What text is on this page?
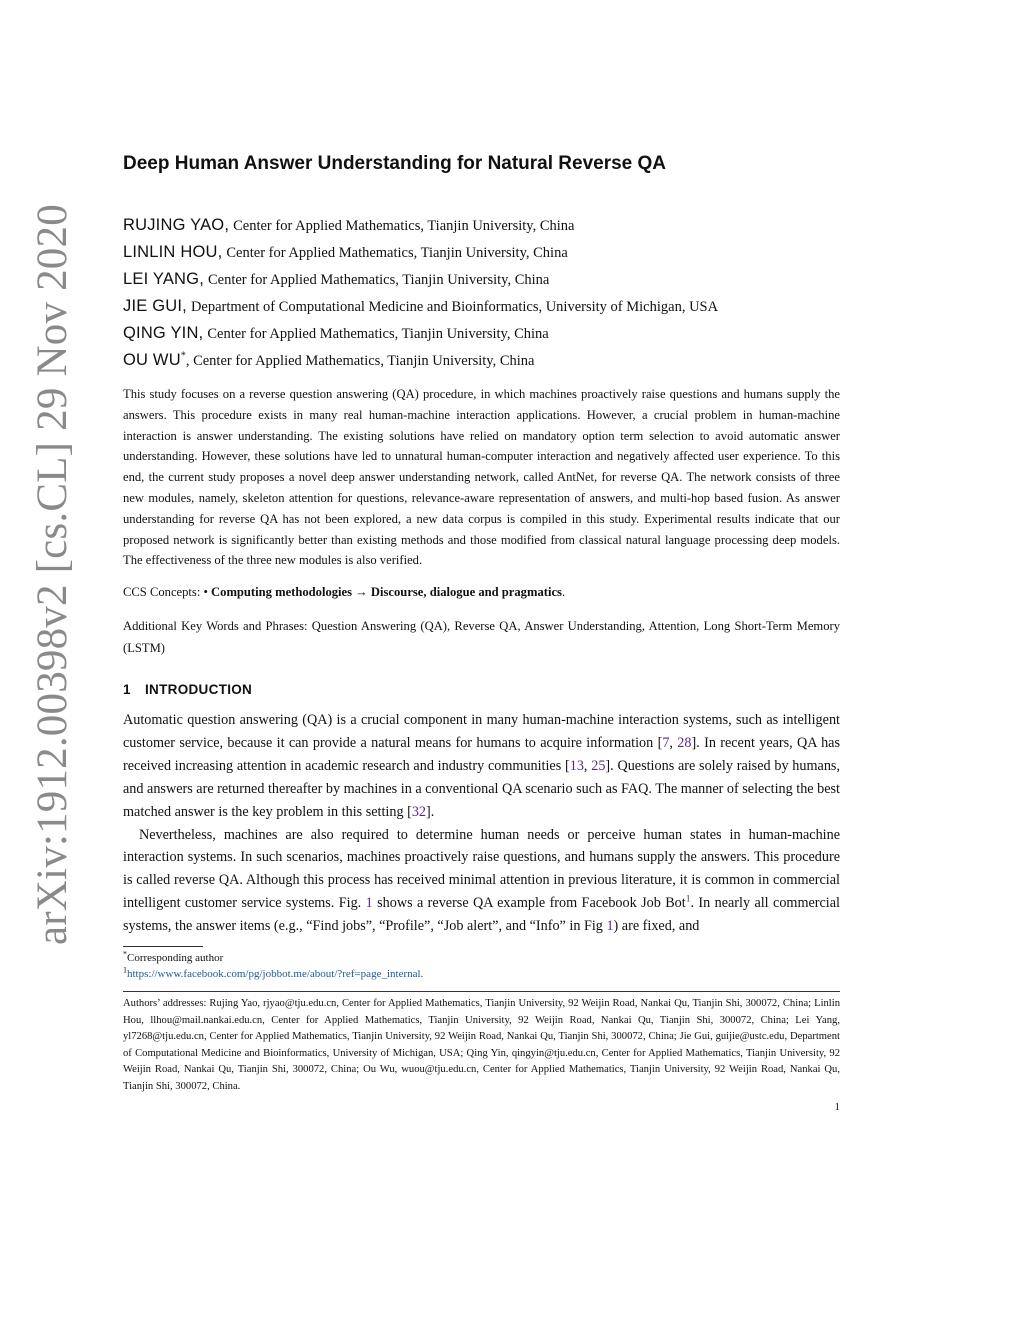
arXiv:1912.00398v2 [cs.CL] 29 Nov 2020
Deep Human Answer Understanding for Natural Reverse QA
RUJING YAO, Center for Applied Mathematics, Tianjin University, China
LINLIN HOU, Center for Applied Mathematics, Tianjin University, China
LEI YANG, Center for Applied Mathematics, Tianjin University, China
JIE GUI, Department of Computational Medicine and Bioinformatics, University of Michigan, USA
QING YIN, Center for Applied Mathematics, Tianjin University, China
OU WU*, Center for Applied Mathematics, Tianjin University, China

This study focuses on a reverse question answering (QA) procedure, in which machines proactively raise questions and humans supply the answers. This procedure exists in many real human-machine interaction applications. However, a crucial problem in human-machine interaction is answer understanding. The existing solutions have relied on mandatory option term selection to avoid automatic answer understanding. However, these solutions have led to unnatural human-computer interaction and negatively affected user experience. To this end, the current study proposes a novel deep answer understanding network, called AntNet, for reverse QA. The network consists of three new modules, namely, skeleton attention for questions, relevance-aware representation of answers, and multi-hop based fusion. As answer understanding for reverse QA has not been explored, a new data corpus is compiled in this study. Experimental results indicate that our proposed network is significantly better than existing methods and those modified from classical natural language processing deep models. The effectiveness of the three new modules is also verified.

CCS Concepts: • Computing methodologies → Discourse, dialogue and pragmatics.
Additional Key Words and Phrases: Question Answering (QA), Reverse QA, Answer Understanding, Attention, Long Short-Term Memory (LSTM)
1 INTRODUCTION

Automatic question answering (QA) is a crucial component in many human-machine interaction systems, such as intelligent customer service, because it can provide a natural means for humans to acquire information [7, 28]. In recent years, QA has received increasing attention in academic research and industry communities [13, 25]. Questions are solely raised by humans, and answers are returned thereafter by machines in a conventional QA scenario such as FAQ. The manner of selecting the best matched answer is the key problem in this setting [32].

Nevertheless, machines are also required to determine human needs or perceive human states in human-machine interaction systems. In such scenarios, machines proactively raise questions, and humans supply the answers. This procedure is called reverse QA. Although this process has received minimal attention in previous literature, it is common in commercial intelligent customer service systems. Fig. 1 shows a reverse QA example from Facebook Job Bot$^1$. In nearly all commercial systems, the answer items (e.g., “Find jobs”, “Profile”, “Job alert”, and “Info” in Fig 1) are fixed, and

*Corresponding author
$^1$https://www.facebook.com/pg/jobbot.me/about/?ref=page_internal.
Authors’ addresses: Rujing Yao, rjyao@tju.edu.cn, Center for Applied Mathematics, Tianjin University, 92 Weijin Road, Nankai Qu, Tianjin Shi, 300072, China; Linlin Hou, llhou@mail.nankai.edu.cn, Center for Applied Mathematics, Tianjin University, 92 Weijin Road, Nankai Qu, Tianjin Shi, 300072, China; Lei Yang, yl7268@tju.edu.cn, Center for Applied Mathematics, Tianjin University, 92 Weijin Road, Nankai Qu, Tianjin Shi, 300072, China; Jie Gui, guijie@ustc.edu, Department of Computational Medicine and Bioinformatics, University of Michigan, USA; Qing Yin, qingyin@tju.edu.cn, Center for Applied Mathematics, Tianjin University, 92 Weijin Road, Nankai Qu, Tianjin Shi, 300072, China; Ou Wu, wuou@tju.edu.cn, Center for Applied Mathematics, Tianjin University, 92 Weijin Road, Nankai Qu, Tianjin Shi, 300072, China.
1
